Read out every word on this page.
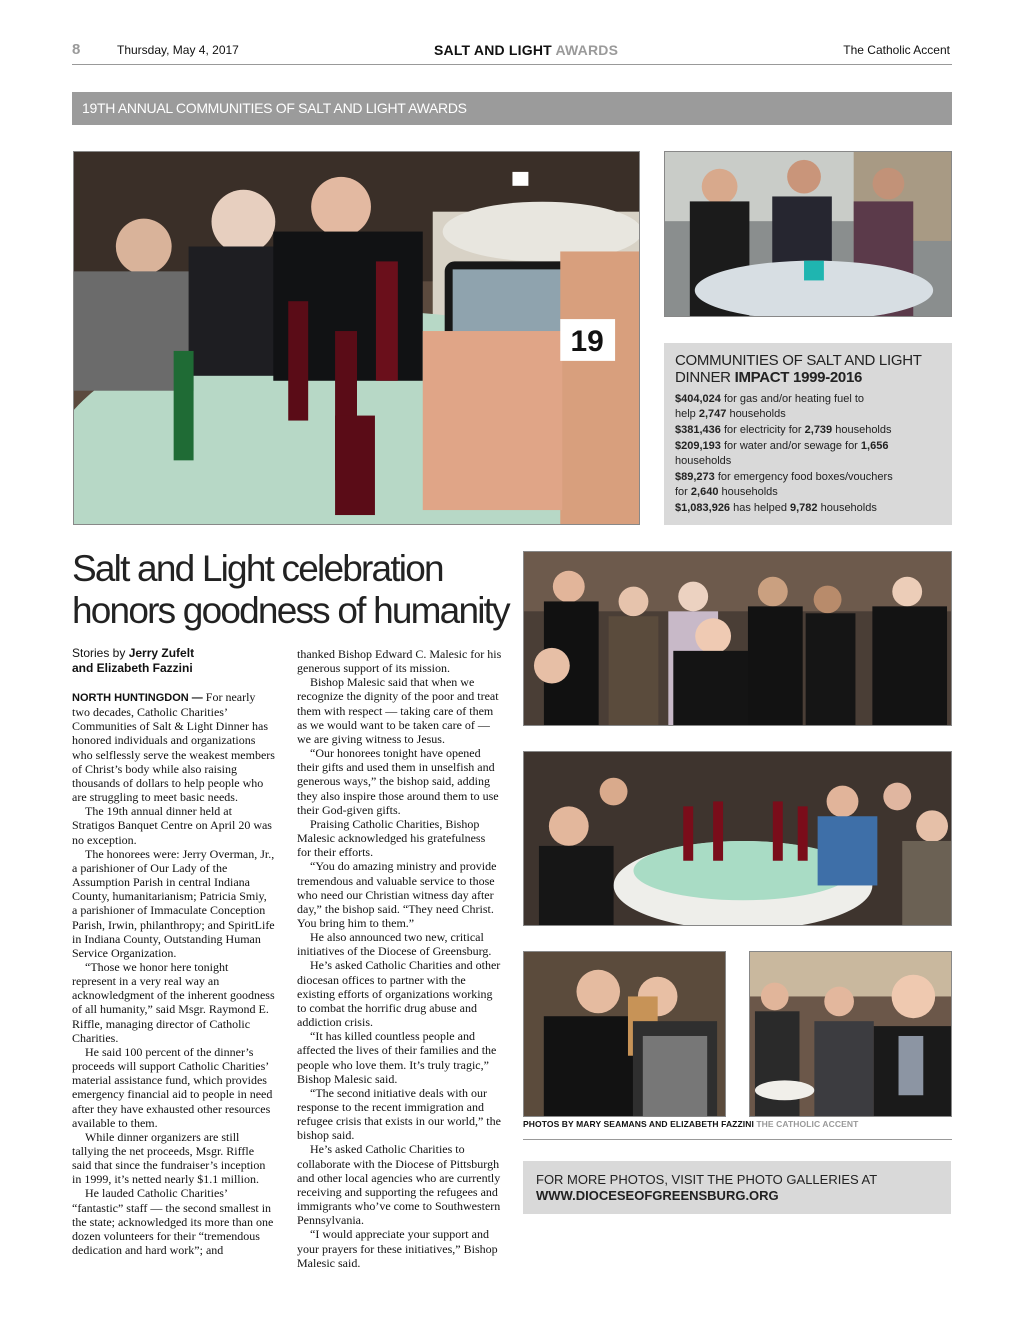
8	Thursday, May 4, 2017	SALT AND LIGHT AWARDS	The Catholic Accent
19TH ANNUAL COMMUNITIES OF SALT AND LIGHT AWARDS
19
COMMUNITIES OF SALT AND LIGHT
DINNER IMPACT 1999-2016
$404,024 for gas and/or heating fuel to
help 2,747 households
$381,436 for electricity for 2,739 households
$209,193 for water and/or sewage for 1,656
households
$89,273 for emergency food boxes/vouchers
for 2,640 households
$1,083,926 has helped 9,782 households
Salt and Light celebration
honors goodness of humanity
Stories by Jerry Zufelt
and Elizabeth Fazzini

NORTH HUNTINGDON — For nearly two decades, Catholic Charities’ Communities of Salt & Light Dinner has honored individuals and organizations who selflessly serve the weakest members of Christ’s body while also raising thousands of dollars to help people who are struggling to meet basic needs.

The 19th annual dinner held at Stratigos Banquet Centre on April 20 was no exception.

The honorees were: Jerry Overman, Jr., a parishioner of Our Lady of the Assumption Parish in central Indiana County, humanitarianism; Patricia Smiy, a parishioner of Immaculate Conception Parish, Irwin, philanthropy; and SpiritLife in Indiana County, Outstanding Human Service Organization.

“Those we honor here tonight represent in a very real way an acknowledgment of the inherent goodness of all humanity,” said Msgr. Raymond E. Riffle, managing director of Catholic Charities.

He said 100 percent of the dinner’s proceeds will support Catholic Charities’ material assistance fund, which provides emergency financial aid to people in need after they have exhausted other resources available to them.

While dinner organizers are still tallying the net proceeds, Msgr. Riffle said that since the fundraiser’s inception in 1999, it’s netted nearly $1.1 million.

He lauded Catholic Charities’ “fantastic” staff — the second smallest in the state; acknowledged its more than one dozen volunteers for their “tremendous dedication and hard work”; and

thanked Bishop Edward C. Malesic for his generous support of its mission.

Bishop Malesic said that when we recognize the dignity of the poor and treat them with respect — taking care of them as we would want to be taken care of — we are giving witness to Jesus.

“Our honorees tonight have opened their gifts and used them in unselfish and generous ways,” the bishop said, adding they also inspire those around them to use their God-given gifts.

Praising Catholic Charities, Bishop Malesic acknowledged his gratefulness for their efforts.

“You do amazing ministry and provide tremendous and valuable service to those who need our Christian witness day after day,” the bishop said. “They need Christ. You bring him to them.”

He also announced two new, critical initiatives of the Diocese of Greensburg.

He’s asked Catholic Charities and other diocesan offices to partner with the existing efforts of organizations working to combat the horrific drug abuse and addiction crisis.

“It has killed countless people and affected the lives of their families and the people who love them. It’s truly tragic,” Bishop Malesic said.

“The second initiative deals with our response to the recent immigration and refugee crisis that exists in our world,” the bishop said.

He’s asked Catholic Charities to collaborate with the Diocese of Pittsburgh and other local agencies who are currently receiving and supporting the refugees and immigrants who’ve come to Southwestern Pennsylvania.

“I would appreciate your support and your prayers for these initiatives,” Bishop Malesic said.

PHOTOS BY MARY SEAMANS AND ELIZABETH FAZZINI THE CATHOLIC ACCENT
FOR MORE PHOTOS, VISIT THE PHOTO GALLERIES AT
WWW.DIOCESEOFGREENSBURG.ORG
